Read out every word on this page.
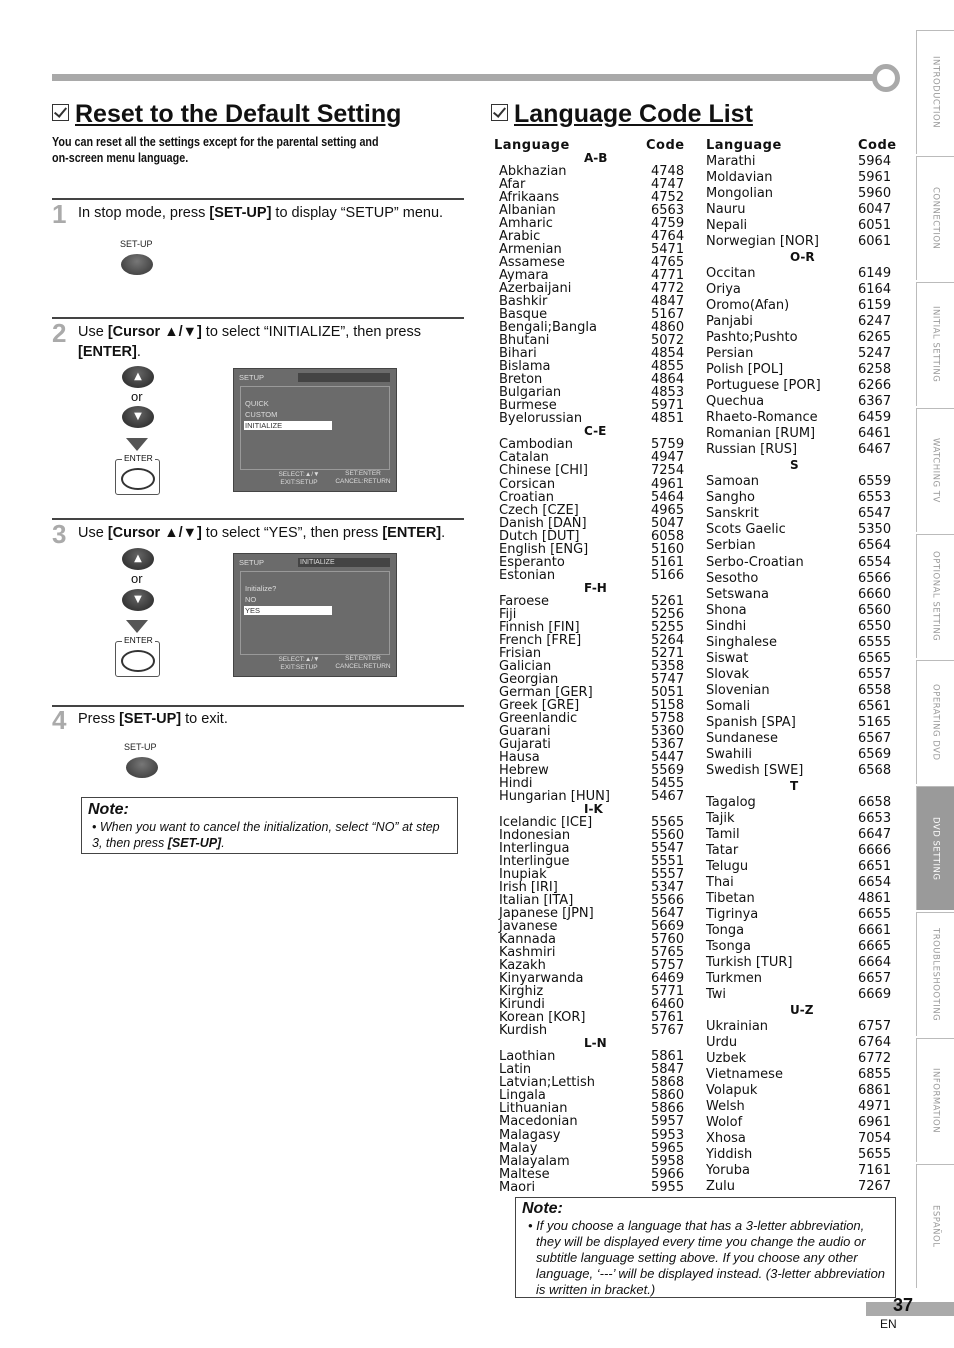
INTRODUCTION
CONNECTION
INITIAL SETTING
WATCHING TV
OPTIONAL SETTING
OPERATING DVD
DVD SETTING
TROUBLESHOOTING
INFORMATION
ESPAÑOL
Reset to the Default Setting
You can reset all the settings except for the parental setting and on-screen menu language.
1 In stop mode, press [SET-UP] to display “SETUP” menu.
SET-UP
2 Use [Cursor ▲/▼] to select “INITIALIZE”, then press [ENTER].
▲
or
▼
ENTER
SETUP
QUICK
CUSTOM
INITIALIZE
SELECT:▲/▼
EXIT:SETUP
SET:ENTER
CANCEL:RETURN
3 Use [Cursor ▲/▼] to select “YES”, then press [ENTER].
▲
or
▼
ENTER
SETUP	INITIALIZE
Initialize?
NO
YES
SELECT:▲/▼
EXIT:SETUP
SET:ENTER
CANCEL:RETURN
4 Press [SET-UP] to exit.
SET-UP
Note:
• When you want to cancel the initialization, select “NO” at step 3, then press [SET-UP].
Language Code List
Language	Code Language	Code
A-B
Abkhazian	4748
Afar	4747
Afrikaans	4752
Albanian	6563
Amharic	4759
Arabic	4764
Armenian	5471
Assamese	4765
Aymara	4771
Azerbaijani	4772
Bashkir	4847
Basque	5167
Bengali;Bangla	4860
Bhutani	5072
Bihari	4854
Bislama	4855
Breton	4864
Bulgarian	4853
Burmese	5971
Byelorussian	4851
C-E
Cambodian	5759
Catalan	4947
Chinese [CHI]	7254
Corsican	4961
Croatian	5464
Czech [CZE]	4965
Danish [DAN]	5047
Dutch [DUT]	6058
English [ENG]	5160
Esperanto	5161
Estonian	5166
F-H
Faroese	5261
Fiji	5256
Finnish [FIN]	5255
French [FRE]	5264
Frisian	5271
Galician	5358
Georgian	5747
German [GER]	5051
Greek [GRE]	5158
Greenlandic	5758
Guarani	5360
Gujarati	5367
Hausa	5447
Hebrew	5569
Hindi	5455
Hungarian [HUN]	5467
I-K
Icelandic [ICE]	5565
Indonesian	5560
Interlingua	5547
Interlingue	5551
Inupiak	5557
Irish [IRI]	5347
Italian [ITA]	5566
Japanese [JPN]	5647
Javanese	5669
Kannada	5760
Kashmiri	5765
Kazakh	5757
Kinyarwanda	6469
Kirghiz	5771
Kirundi	6460
Korean [KOR]	5761
Kurdish	5767
L-N
Laothian	5861
Latin	5847
Latvian;Lettish	5868
Lingala	5860
Lithuanian	5866
Macedonian	5957
Malagasy	5953
Malay	5965
Malayalam	5958
Maltese	5966
Maori	5955
Marathi	5964
Moldavian	5961
Mongolian	5960
Nauru	6047
Nepali	6051
Norwegian [NOR]	6061
O-R
Occitan	6149
Oriya	6164
Oromo(Afan)	6159
Panjabi	6247
Pashto;Pushto	6265
Persian	5247
Polish [POL]	6258
Portuguese [POR]	6266
Quechua	6367
Rhaeto-Romance	6459
Romanian [RUM]	6461
Russian [RUS]	6467
S
Samoan	6559
Sangho	6553
Sanskrit	6547
Scots Gaelic	5350
Serbian	6564
Serbo-Croatian	6554
Sesotho	6566
Setswana	6660
Shona	6560
Sindhi	6550
Singhalese	6555
Siswat	6565
Slovak	6557
Slovenian	6558
Somali	6561
Spanish [SPA]	5165
Sundanese	6567
Swahili	6569
Swedish [SWE]	6568
T
Tagalog	6658
Tajik	6653
Tamil	6647
Tatar	6666
Telugu	6651
Thai	6654
Tibetan	4861
Tigrinya	6655
Tonga	6661
Tsonga	6665
Turkish [TUR]	6664
Turkmen	6657
Twi	6669
U-Z
Ukrainian	6757
Urdu	6764
Uzbek	6772
Vietnamese	6855
Volapuk	6861
Welsh	4971
Wolof	6961
Xhosa	7054
Yiddish	5655
Yoruba	7161
Zulu	7267
Note:
• If you choose a language that has a 3-letter abbreviation, they will be displayed every time you change the audio or subtitle language setting above. If you choose any other language, ‘---’ will be displayed instead. (3-letter abbreviation is written in bracket.)
37
EN
